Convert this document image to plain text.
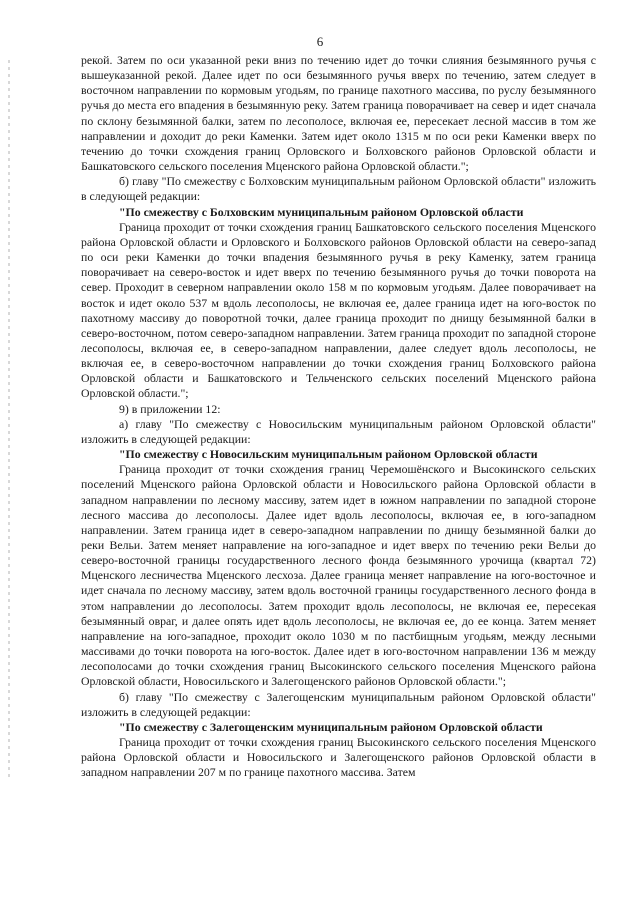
6

рекой. Затем по оси указанной реки вниз по течению идет до точки слияния безымянного ручья с вышеуказанной рекой. Далее идет по оси безымянного ручья вверх по течению, затем следует в восточном направлении по кормовым угодьям, по границе пахотного массива, по руслу безымянного ручья до места его впадения в безымянную реку. Затем граница поворачивает на север и идет сначала по склону безымянной балки, затем по лесополосе, включая ее, пересекает лесной массив в том же направлении и доходит до реки Каменки. Затем идет около 1315 м по оси реки Каменки вверх по течению до точки схождения границ Орловского и Болховского районов Орловской области и Башкатовского сельского поселения Мценского района Орловской области.";

б) главу "По смежеству с Болховским муниципальным районом Орловской области" изложить в следующей редакции:

"По смежеству с Болховским муниципальным районом Орловской области

Граница проходит от точки схождения границ Башкатовского сельского поселения Мценского района Орловской области и Орловского и Болховского районов Орловской области на северо-запад по оси реки Каменки до точки впадения безымянного ручья в реку Каменку, затем граница поворачивает на северо-восток и идет вверх по течению безымянного ручья до точки поворота на север. Проходит в северном направлении около 158 м по кормовым угодьям. Далее поворачивает на восток и идет около 537 м вдоль лесополосы, не включая ее, далее граница идет на юго-восток по пахотному массиву до поворотной точки, далее граница проходит по днищу безымянной балки в северо-восточном, потом северо-западном направлении. Затем граница проходит по западной стороне лесополосы, включая ее, в северо-западном направлении, далее следует вдоль лесополосы, не включая ее, в северо-восточном направлении до точки схождения границ Болховского района Орловской области и Башкатовского и Тельченского сельских поселений Мценского района Орловской области.";

9) в приложении 12:

а) главу "По смежеству с Новосильским муниципальным районом Орловской области" изложить в следующей редакции:

"По смежеству с Новосильским муниципальным районом Орловской области

Граница проходит от точки схождения границ Черемошёнского и Высокинского сельских поселений Мценского района Орловской области и Новосильского района Орловской области в западном направлении по лесному массиву, затем идет в южном направлении по западной стороне лесного массива до лесополосы. Далее идет вдоль лесополосы, включая ее, в юго-западном направлении. Затем граница идет в северо-западном направлении по днищу безымянной балки до реки Вельи. Затем меняет направление на юго-западное и идет вверх по течению реки Вельи до северо-восточной границы государственного лесного фонда безымянного урочища (квартал 72) Мценского лесничества Мценского лесхоза. Далее граница меняет направление на юго-восточное и идет сначала по лесному массиву, затем вдоль восточной границы государственного лесного фонда в этом направлении до лесополосы. Затем проходит вдоль лесополосы, не включая ее, пересекая безымянный овраг, и далее опять идет вдоль лесополосы, не включая ее, до ее конца. Затем меняет направление на юго-западное, проходит около 1030 м по пастбищным угодьям, между лесными массивами до точки поворота на юго-восток. Далее идет в юго-восточном направлении 136 м между лесополосами до точки схождения границ Высокинского сельского поселения Мценского района Орловской области, Новосильского и Залегощенского районов Орловской области.";

б) главу "По смежеству с Залегощенским муниципальным районом Орловской области" изложить в следующей редакции:

"По смежеству с Залегощенским муниципальным районом Орловской области

Граница проходит от точки схождения границ Высокинского сельского поселения Мценского района Орловской области и Новосильского и Залегощенского районов Орловской области в западном направлении 207 м по границе пахотного массива. Затем
